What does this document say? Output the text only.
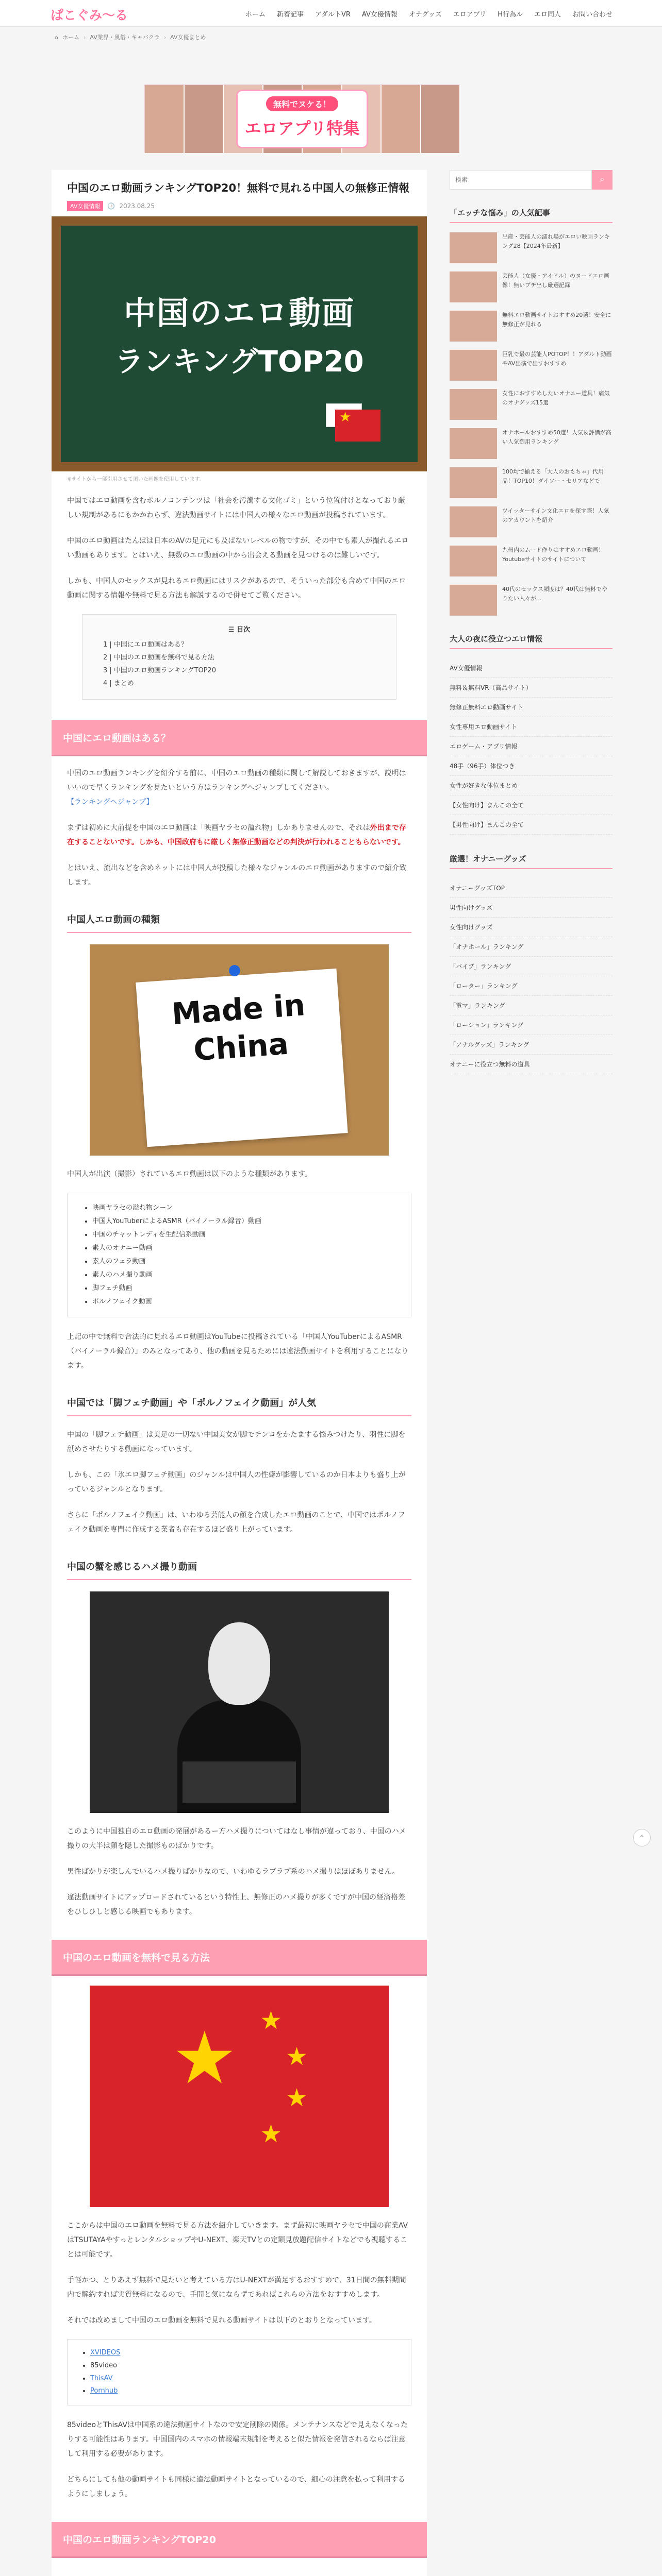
ぱこぐみ〜る	ホーム 新着記事 アダルトVR AV女優情報 オナグッズ エロアプリ H行為ル エロ同人 お問い合わせ
⌂ ホーム › AV業界・風俗・キャバクラ › AV女優まとめ
無料でヌケる！
エロアプリ特集
中国のエロ動画ランキングTOP20！無料で見れる中国人の無修正情報
AV女優情報	🕒 2023.08.25
中国のエロ動画
ランキングTOP20
★
※サイトから一部引用させて頂いた画像を使用しています。

中国ではエロ動画を含むポルノコンテンツは「社会を汚濁する文化ゴミ」という位置付けとなっており厳しい規制があるにもかかわらず、違法動画サイトには中国人の様々なエロ動画が投稿されています。

中国のエロ動画はたんぱは日本のAVの足元にも及ばないレベルの物ですが、その中でも素人が撮れるエロい動画もあります。とはいえ、無数のエロ動画の中から出会える動画を見つけるのは難しいです。

しかも、中国人のセックスが見れるエロ動画にはリスクがあるので、そういった部分も含めて中国のエロ動画に関する情報や無料で見る方法も解説するので併せてご覧ください。

☰ 目次
1 | 中国にエロ動画はある？
2 | 中国のエロ動画を無料で見る方法
3 | 中国のエロ動画ランキングTOP20
4 | まとめ
中国にエロ動画はある？

中国のエロ動画ランキングを紹介する前に、中国のエロ動画の種類に関して解説しておきますが、説明はいいので早くランキングを見たいという方はランキングへジャンプしてください。
【ランキングへジャンプ】

まずは初めに大前提を中国のエロ動画は「映画ヤラセの溢れ物」しかありませんので、それは外出まで存在することないです。しかも、中国政府もに厳しく無修正動画などの判決が行われることもらないです。

とはいえ、流出などを含めネットには中国人が投稿した様々なジャンルのエロ動画がありますので紹介致します。

中国人エロ動画の種類
Made in China

中国人が出演（撮影）されているエロ動画は以下のような種類があります。

• 映画ヤラセの溢れ物シーン
• 中国人YouTuberによるASMR（バイノーラル録音）動画
• 中国のチャットレディを生配信系動画
• 素人のオナニー動画
• 素人のフェラ動画
• 素人のハメ撮り動画
• 脚フェチ動画
• ポルノフェイク動画

上記の中で無料で合法的に見れるエロ動画はYouTubeに投稿されている「中国人YouTuberによるASMR（バイノーラル録音）」のみとなってあり、他の動画を見るためには違法動画サイトを利用することになります。

中国では「脚フェチ動画」や「ポルノフェイク動画」が人気

中国の「脚フェチ動画」は美足の一切ない中国美女が脚でチンコをかたまする悩みつけたり、羽性に脚を舐めさせたりする動画になっています。

しかも、この「氷エロ脚フェチ動画」のジャンルは中国人の性癖が影響しているのか日本よりも盛り上がっているジャンルとなります。

さらに「ポルノフェイク動画」は、いわゆる芸能人の顔を合成したエロ動画のことで、中国ではポルノフェイク動画を専門に作成する業者も存在するほど盛り上がっています。

中国の蟹を感じるハメ撮り動画

このように中国独自のエロ動画の発展があるー方ハメ撮りについてはなし事情が違っており、中国のハメ撮りの大半は顔を隠した撮影ものばかりです。

男性ばかりが楽しんでいるハメ撮りばかりなので、いわゆるラブラブ系のハメ撮りはほぼありません。

違法動画サイトにアップロードされているという特性上、無修正のハメ撮りが多くですが中国の経済格差をひしひしと感じる映画でもあります。

中国のエロ動画を無料で見る方法
★ ★
★
★
★

ここからは中国のエロ動画を無料で見る方法を紹介していきます。まず最初に映画ヤラセで中国の商業AVはTSUTAYAやすっとレンタルショップやU-NEXT、楽天TVとの定額見放題配信サイトなどでも視聴することは可能です。

手軽かつ、とりあえず無料で見たいと考えている方はU-NEXTが満足するおすすめで、31日間の無料期間内で解約すれば実質無料になるので、手間と気にならずであればこれらの方法をおすすめします。

それでは改めまして中国のエロ動画を無料で見れる動画サイトは以下のとおりとなっています。

• XVIDEOS
• 85video
• ThisAV
• Pornhub

85videoとThisAVは中国系の違法動画サイトなので安定削除の関係。メンテナンスなどで見えなくなったりする可能性はあります。中国国内のスマホの情報端末規制を考えると似た情報を発信されるならば注意して利用する必要があります。

どちらにしても他の動画サイトも同様に違法動画サイトとなっているので、細心の注意を払って利用するようにしましょう。

中国のエロ動画ランキングTOP20
検索
⌕
「エッチな悩み」の人気記事
出産・芸能人の濡れ場がエロい映画ランキング28【2024年最新】
芸能人（女優・アイドル）のヌードエロ画像！無いブチ出し厳選記録
無料エロ動画サイトおすすめ20選！安全に無修正が見れる
巨乳で最の芸能人POTOP！！アダルト動画やAV出演で出すおすすめ
女性におすすめしたいオナニー道具！痛気のオナグッズ15選
オナホールおすすめ50選！人気＆評価が高い人気御用ランキング
100均で揃える「大人のおもちゃ」代用品！TOP10！ダイソー・セリアなどで
ツイッターサイン文化エロを探す際！人気のアカウントを紹介
九州内のムード作りはすすめエロ動画！Youtubeサイトのサイトについて
40代のセックス頻度は？40代は無料でやりたい人々が...
大人の夜に役立つエロ情報
AV女優情報
無料＆無料VR（高品サイト）
無修正無料エロ動画サイト
女性専用エロ動画サイト
エロゲーム・アプリ情報
48手（96手）体位つき
女性が好きな体位まとめ
【女性向け】まんこの全て
【男性向け】まんこの全て
厳選！オナニーグッズ
オナニーグッズTOP
男性向けグッズ
女性向けグッズ
「オナホール」ランキング
「バイブ」ランキング
「ローター」ランキング
「電マ」ランキング
「ローション」ランキング
「アナルグッズ」ランキング
オナニーに役立つ無料の道具
⌃
